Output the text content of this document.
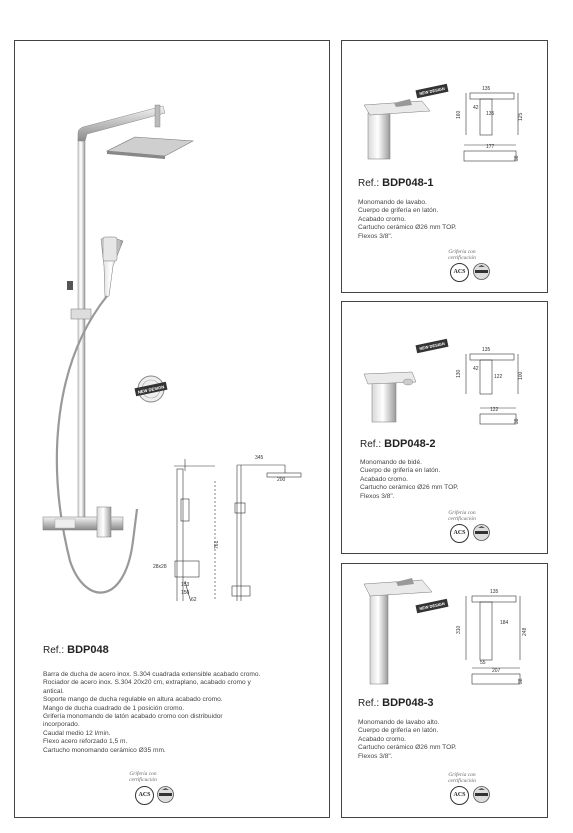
NEW DESIGN
345
200
761
28x28
153
150
62
Ref.: BDP048
Barra de ducha de acero inox. S.304 cuadrada extensible acabado cromo.
Rociador de acero inox. S.304 20x20 cm, extraplano, acabado cromo y
antical.
Soporte mango de ducha regulable en altura acabado cromo.
Mango de ducha cuadrado de 1 posición cromo.
Grifería monomando de latón acabado cromo con distribuidor
incorporado.
Caudal medio 12 l/min.
Flexo acero reforzado 1,5 m.
Cartucho monomando cerámico Ø35 mm.
Grifería con certificación
ACS
NEW DESIGN	135
160
42
135	125
177
38
Ref.: BDP048-1
Monomando de lavabo.
Cuerpo de grifería en latón.
Acabado cromo.
Cartucho cerámico Ø26 mm TOP.
Flexos 3/8".
Grifería con certificación
ACS
NEW DESIGN	135
130
42
122	100
122
38
Ref.: BDP048-2
Monomando de bidé.
Cuerpo de grifería en latón.
Acabado cromo.
Cartucho cerámico Ø26 mm TOP.
Flexos 3/8".
Grifería con certificación
ACS
NEW DESIGN
135
310
184
248
55
207
38
Ref.: BDP048-3
Monomando de lavabo alto.
Cuerpo de grifería en latón.
Acabado cromo.
Cartucho cerámico Ø26 mm TOP.
Flexos 3/8".
Grifería con certificación
ACS
